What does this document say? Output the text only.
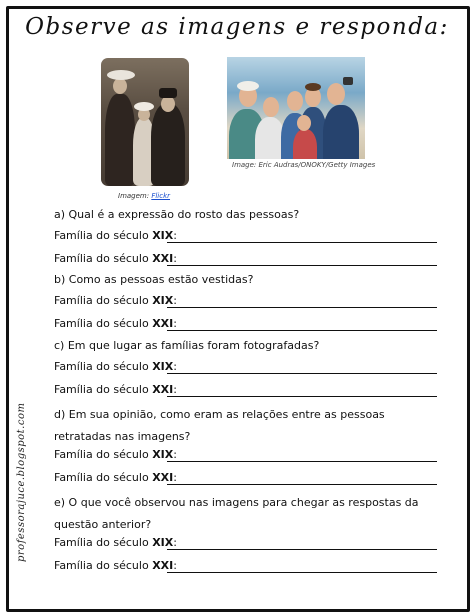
Observe as imagens e responda:
Imagem: Flickr
Image: Eric Audras/ONOKY/Getty Images
a) Qual é a expressão do rosto das pessoas?
Família do século XIX:
Família do século XXI:
b) Como as pessoas estão vestidas?
Família do século XIX:
Família do século XXI:
c) Em que lugar as famílias foram fotografadas?
Família do século XIX:
Família do século XXI:
d) Em sua opinião, como eram as relações entre as pessoas retratadas nas imagens?
Família do século XIX:
Família do século XXI:
e) O que você observou nas imagens para chegar as respostas da questão anterior?
Família do século XIX:
Família do século XXI:
professorajuce.blogspot.com
